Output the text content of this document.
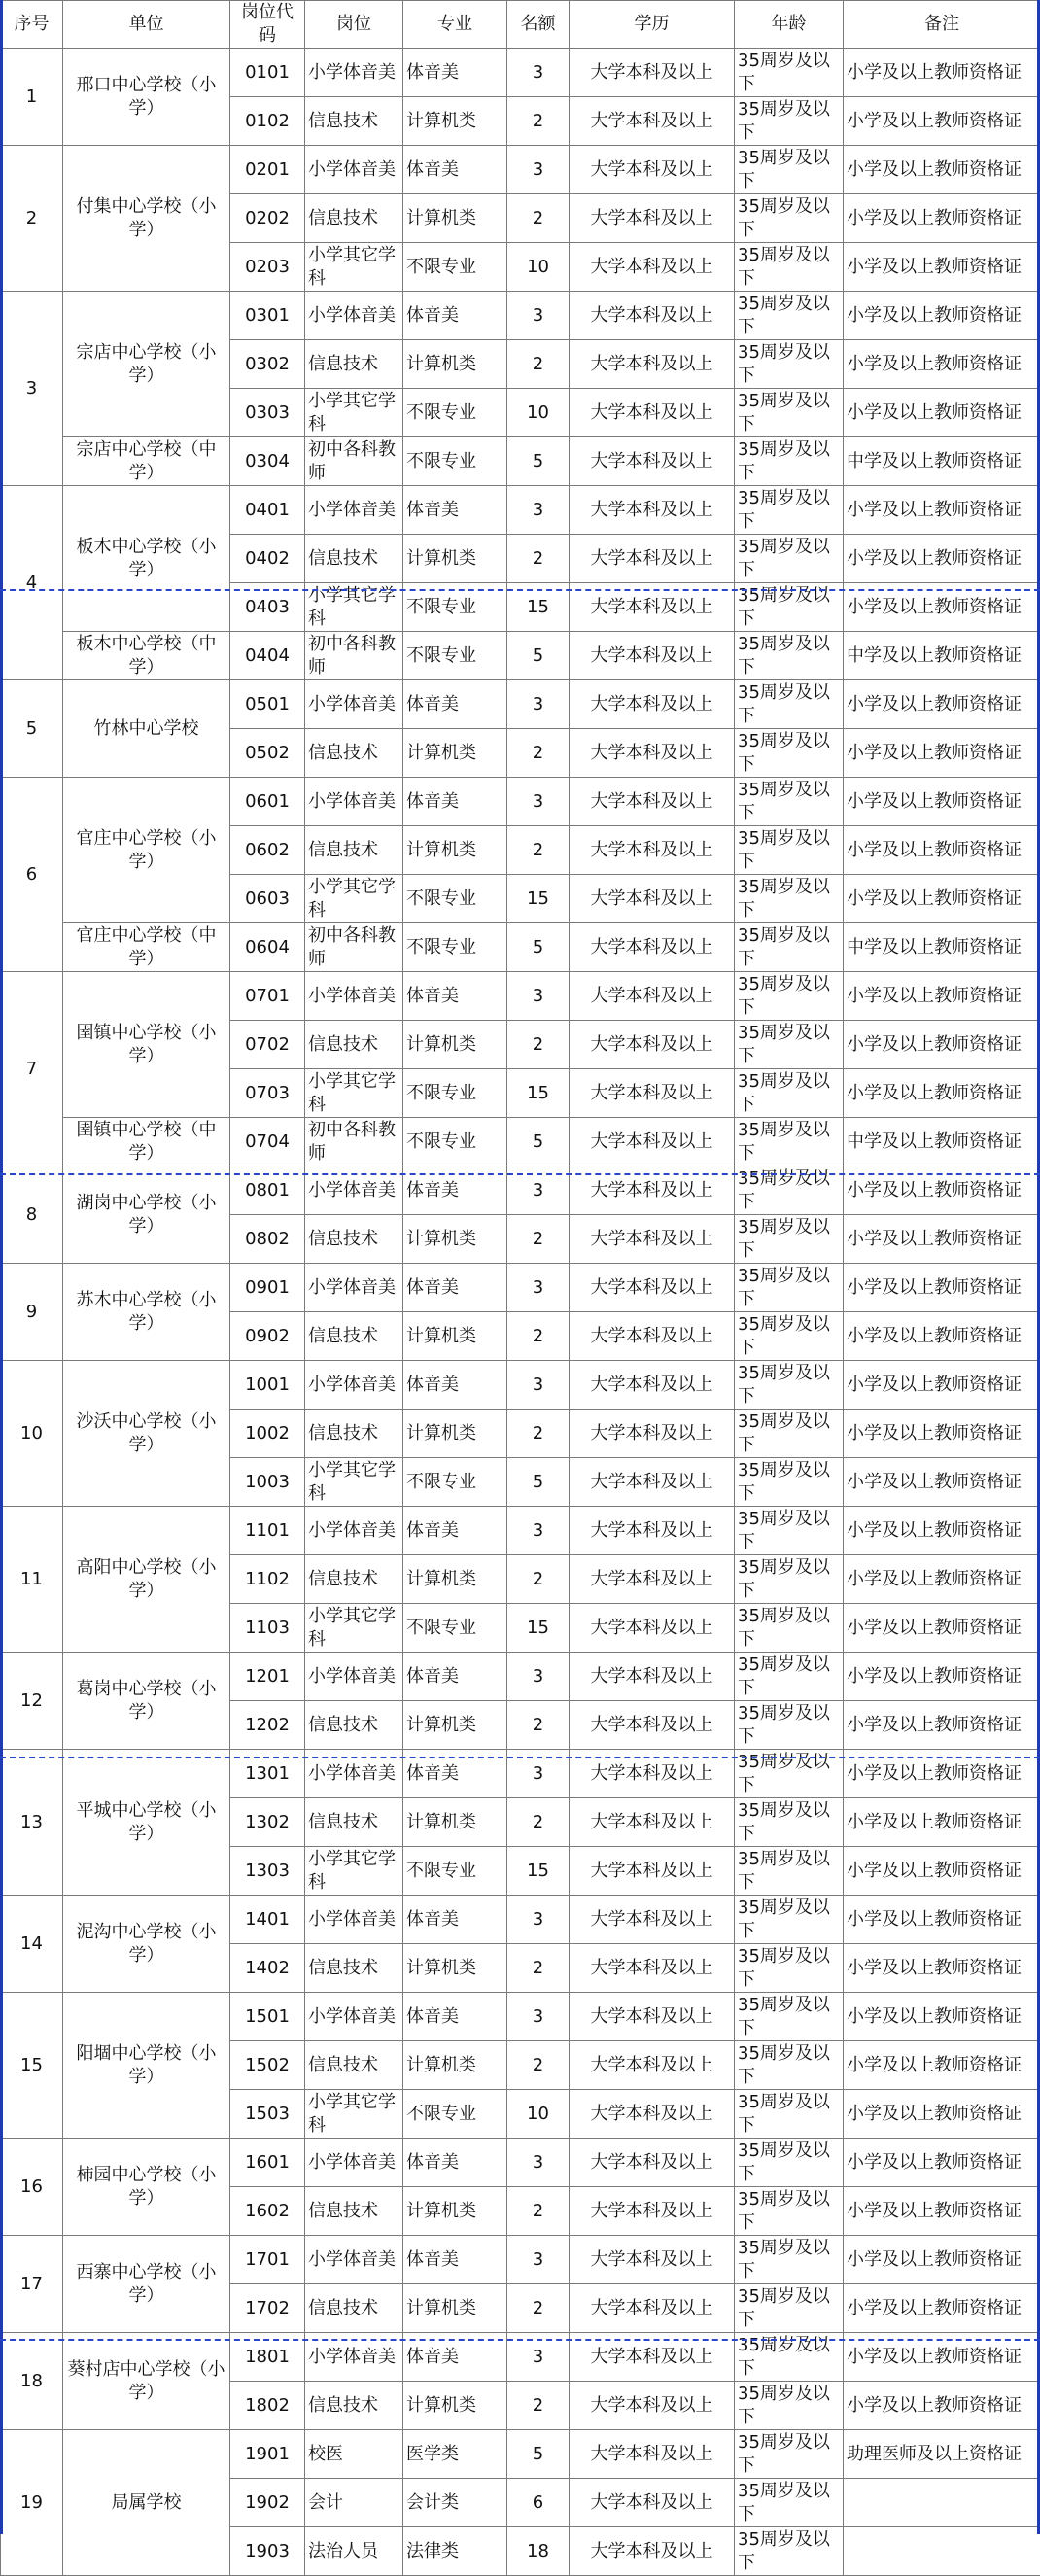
序号	单位	岗位代码	岗位	专业	名额	学历	年龄	备注
1	邢口中心学校（小学）	0101	小学体音美	体音美	3	大学本科及以上	35周岁及以下	小学及以上教师资格证
		0102	信息技术	计算机类	2	大学本科及以上	35周岁及以下	小学及以上教师资格证
2	付集中心学校（小学）	0201	小学体音美	体音美	3	大学本科及以上	35周岁及以下	小学及以上教师资格证
		0202	信息技术	计算机类	2	大学本科及以上	35周岁及以下	小学及以上教师资格证
		0203	小学其它学科	不限专业	10	大学本科及以上	35周岁及以下	小学及以上教师资格证
3	宗店中心学校（小学）	0301	小学体音美	体音美	3	大学本科及以上	35周岁及以下	小学及以上教师资格证
		0302	信息技术	计算机类	2	大学本科及以上	35周岁及以下	小学及以上教师资格证
		0303	小学其它学科	不限专业	10	大学本科及以上	35周岁及以下	小学及以上教师资格证
	宗店中心学校（中学）	0304	初中各科教师	不限专业	5	大学本科及以上	35周岁及以下	中学及以上教师资格证
4	板木中心学校（小学）	0401	小学体音美	体音美	3	大学本科及以上	35周岁及以下	小学及以上教师资格证
		0402	信息技术	计算机类	2	大学本科及以上	35周岁及以下	小学及以上教师资格证
		0403	小学其它学科	不限专业	15	大学本科及以上	35周岁及以下	小学及以上教师资格证
	板木中心学校（中学）	0404	初中各科教师	不限专业	5	大学本科及以上	35周岁及以下	中学及以上教师资格证
5	竹林中心学校	0501	小学体音美	体音美	3	大学本科及以上	35周岁及以下	小学及以上教师资格证
		0502	信息技术	计算机类	2	大学本科及以上	35周岁及以下	小学及以上教师资格证
6	官庄中心学校（小学）	0601	小学体音美	体音美	3	大学本科及以上	35周岁及以下	小学及以上教师资格证
		0602	信息技术	计算机类	2	大学本科及以上	35周岁及以下	小学及以上教师资格证
		0603	小学其它学科	不限专业	15	大学本科及以上	35周岁及以下	小学及以上教师资格证
	官庄中心学校（中学）	0604	初中各科教师	不限专业	5	大学本科及以上	35周岁及以下	中学及以上教师资格证
7	圉镇中心学校（小学）	0701	小学体音美	体音美	3	大学本科及以上	35周岁及以下	小学及以上教师资格证
		0702	信息技术	计算机类	2	大学本科及以上	35周岁及以下	小学及以上教师资格证
		0703	小学其它学科	不限专业	15	大学本科及以上	35周岁及以下	小学及以上教师资格证
	圉镇中心学校（中学）	0704	初中各科教师	不限专业	5	大学本科及以上	35周岁及以下	中学及以上教师资格证
8	湖岗中心学校（小学）	0801	小学体音美	体音美	3	大学本科及以上	35周岁及以下	小学及以上教师资格证
		0802	信息技术	计算机类	2	大学本科及以上	35周岁及以下	小学及以上教师资格证
9	苏木中心学校（小学）	0901	小学体音美	体音美	3	大学本科及以上	35周岁及以下	小学及以上教师资格证
		0902	信息技术	计算机类	2	大学本科及以上	35周岁及以下	小学及以上教师资格证
10	沙沃中心学校（小学）	1001	小学体音美	体音美	3	大学本科及以上	35周岁及以下	小学及以上教师资格证
		1002	信息技术	计算机类	2	大学本科及以上	35周岁及以下	小学及以上教师资格证
		1003	小学其它学科	不限专业	5	大学本科及以上	35周岁及以下	小学及以上教师资格证
11	高阳中心学校（小学）	1101	小学体音美	体音美	3	大学本科及以上	35周岁及以下	小学及以上教师资格证
		1102	信息技术	计算机类	2	大学本科及以上	35周岁及以下	小学及以上教师资格证
		1103	小学其它学科	不限专业	15	大学本科及以上	35周岁及以下	小学及以上教师资格证
12	葛岗中心学校（小学）	1201	小学体音美	体音美	3	大学本科及以上	35周岁及以下	小学及以上教师资格证
		1202	信息技术	计算机类	2	大学本科及以上	35周岁及以下	小学及以上教师资格证
13	平城中心学校（小学）	1301	小学体音美	体音美	3	大学本科及以上	35周岁及以下	小学及以上教师资格证
		1302	信息技术	计算机类	2	大学本科及以上	35周岁及以下	小学及以上教师资格证
		1303	小学其它学科	不限专业	15	大学本科及以上	35周岁及以下	小学及以上教师资格证
14	泥沟中心学校（小学）	1401	小学体音美	体音美	3	大学本科及以上	35周岁及以下	小学及以上教师资格证
		1402	信息技术	计算机类	2	大学本科及以上	35周岁及以下	小学及以上教师资格证
15	阳堌中心学校（小学）	1501	小学体音美	体音美	3	大学本科及以上	35周岁及以下	小学及以上教师资格证
		1502	信息技术	计算机类	2	大学本科及以上	35周岁及以下	小学及以上教师资格证
		1503	小学其它学科	不限专业	10	大学本科及以上	35周岁及以下	小学及以上教师资格证
16	柿园中心学校（小学）	1601	小学体音美	体音美	3	大学本科及以上	35周岁及以下	小学及以上教师资格证
		1602	信息技术	计算机类	2	大学本科及以上	35周岁及以下	小学及以上教师资格证
17	西寨中心学校（小学）	1701	小学体音美	体音美	3	大学本科及以上	35周岁及以下	小学及以上教师资格证
		1702	信息技术	计算机类	2	大学本科及以上	35周岁及以下	小学及以上教师资格证
18	葵村店中心学校（小学）	1801	小学体音美	体音美	3	大学本科及以上	35周岁及以下	小学及以上教师资格证
		1802	信息技术	计算机类	2	大学本科及以上	35周岁及以下	小学及以上教师资格证
19	局属学校	1901	校医	医学类	5	大学本科及以上	35周岁及以下	助理医师及以上资格证
		1902	会计	会计类	6	大学本科及以上	35周岁及以下	
		1903	法治人员	法律类	18	大学本科及以上	35周岁及以下	
